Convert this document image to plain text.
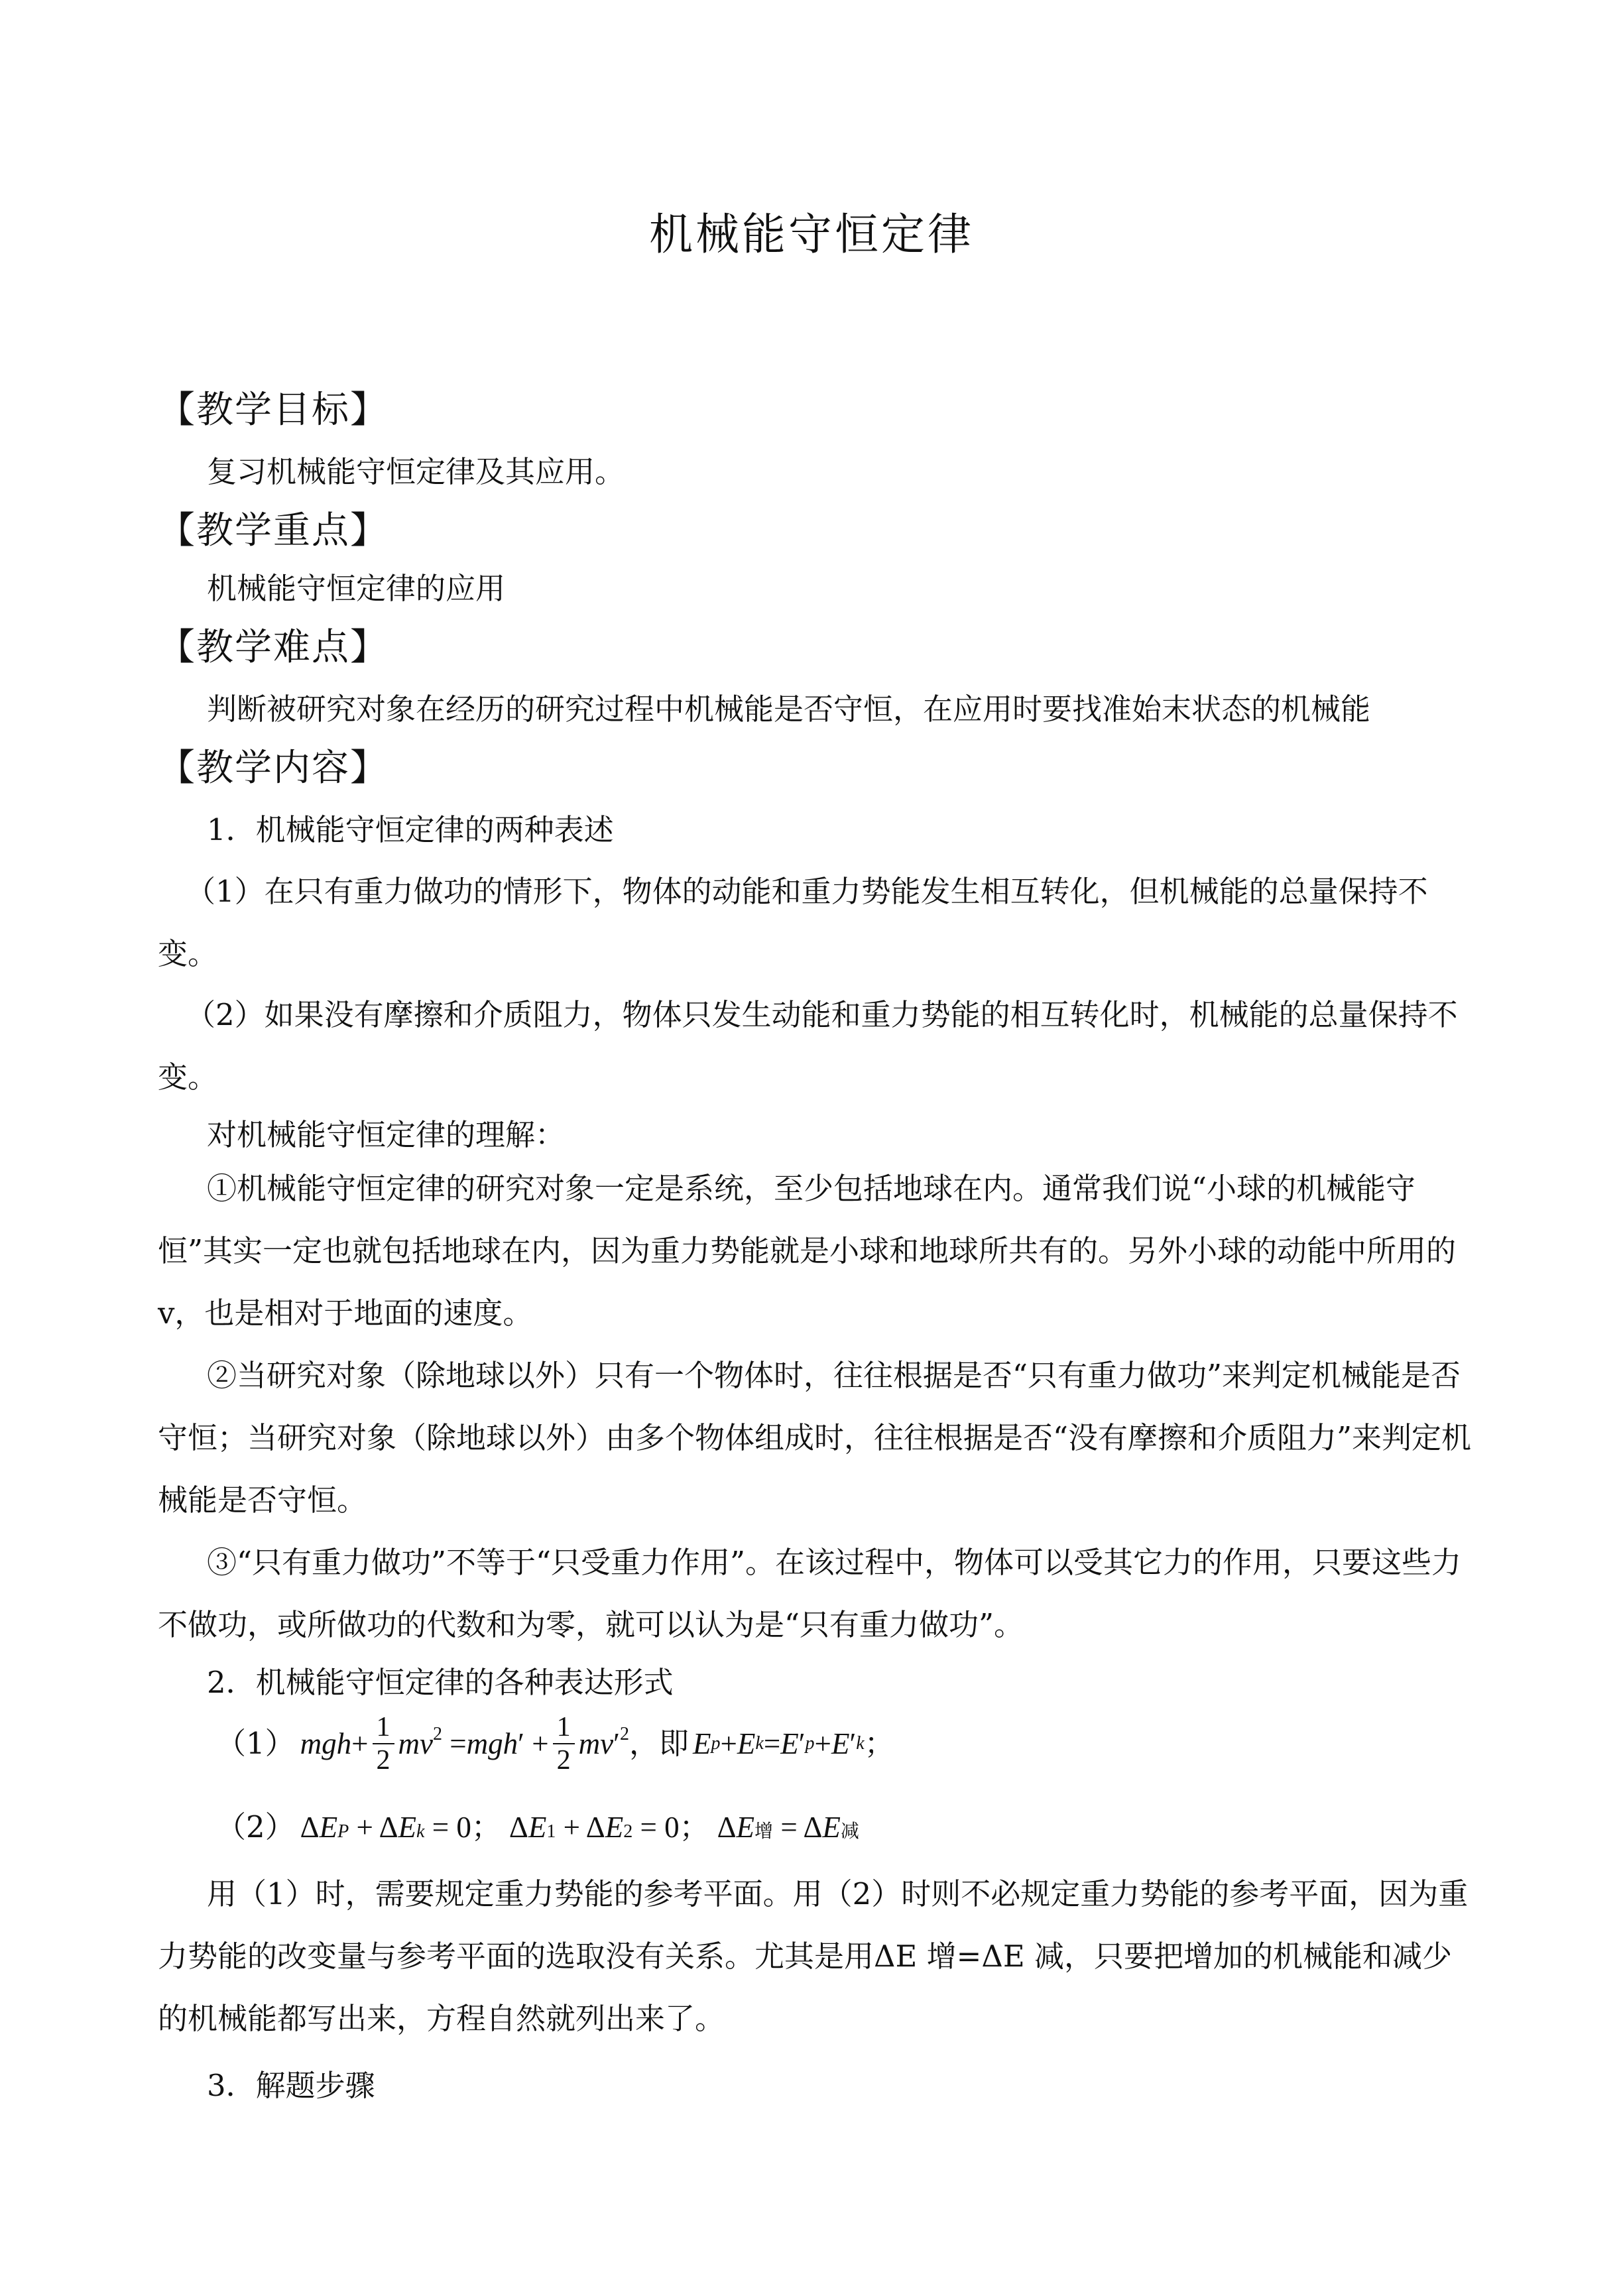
机械能守恒定律
【教学目标】
复习机械能守恒定律及其应用。
【教学重点】
机械能守恒定律的应用
【教学难点】
判断被研究对象在经历的研究过程中机械能是否守恒，在应用时要找准始末状态的机械能
【教学内容】
1．机械能守恒定律的两种表述
（1）在只有重力做功的情形下，物体的动能和重力势能发生相互转化，但机械能的总量保持不变。
（2）如果没有摩擦和介质阻力，物体只发生动能和重力势能的相互转化时，机械能的总量保持不变。
对机械能守恒定律的理解：
①机械能守恒定律的研究对象一定是系统，至少包括地球在内。通常我们说“小球的机械能守恒”其实一定也就包括地球在内，因为重力势能就是小球和地球所共有的。另外小球的动能中所用的 v，也是相对于地面的速度。
②当研究对象（除地球以外）只有一个物体时，往往根据是否“只有重力做功”来判定机械能是否守恒；当研究对象（除地球以外）由多个物体组成时，往往根据是否“没有摩擦和介质阻力”来判定机械能是否守恒。
③“只有重力做功”不等于“只受重力作用”。在该过程中，物体可以受其它力的作用，只要这些力不做功，或所做功的代数和为零，就可以认为是“只有重力做功”。
2．机械能守恒定律的各种表达形式
（1） mgh + $\frac{1}{2} mv^2$ = mgh ′ + $\frac{1}{2}$ mv $'^2$ ，即 E p + E k = E ′ p + E ′ k ；
（2） Δ E P + Δ E k = 0 ； Δ E 1 + Δ E 2 = 0 ； Δ E 增 = Δ E 减
用（1）时，需要规定重力势能的参考平面。用（2）时则不必规定重力势能的参考平面，因为重力势能的改变量与参考平面的选取没有关系。尤其是用ΔE 增=ΔE 减，只要把增加的机械能和减少的机械能都写出来，方程自然就列出来了。
3．解题步骤
